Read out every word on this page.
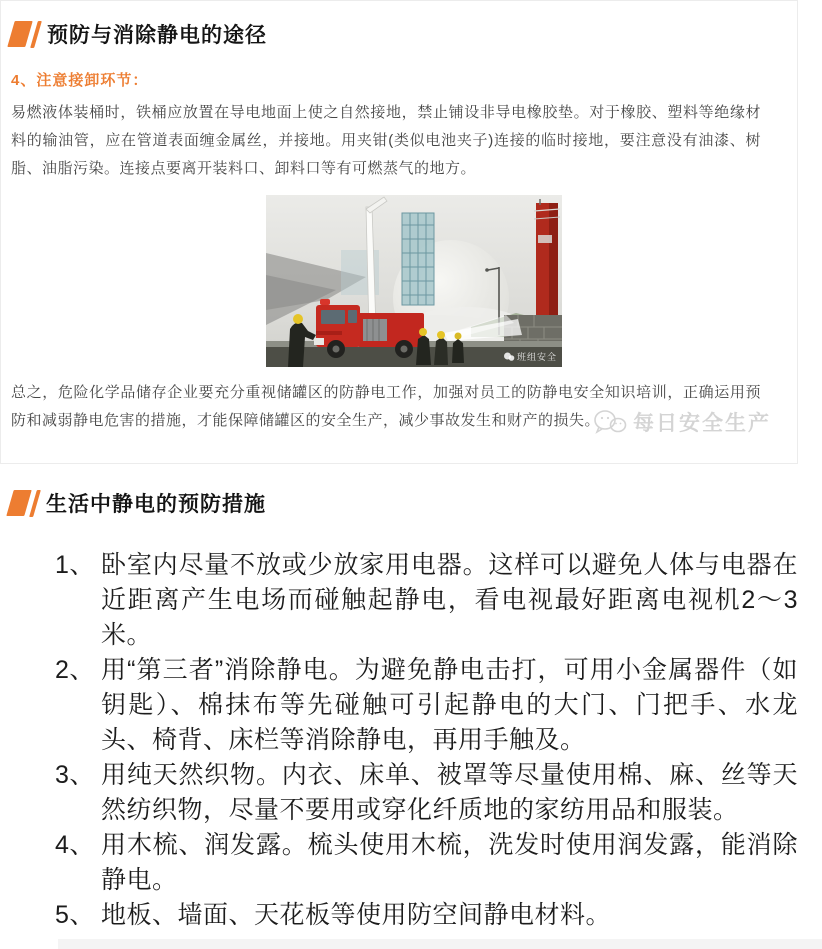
预防与消除静电的途径
4、注意接卸环节：
易燃液体装桶时，铁桶应放置在导电地面上使之自然接地，禁止铺设非导电橡胶垫。对于橡胶、塑料等绝缘材料的输油管，应在管道表面缠金属丝，并接地。用夹钳(类似电池夹子)连接的临时接地，要注意没有油漆、树脂、油脂污染。连接点要离开装料口、卸料口等有可燃蒸气的地方。
班组安全
总之，危险化学品储存企业要充分重视储罐区的防静电工作，加强对员工的防静电安全知识培训，正确运用预防和减弱静电危害的措施，才能保障储罐区的安全生产，减少事故发生和财产的损失。	每日安全生产
生活中静电的预防措施
1、 卧室内尽量不放或少放家用电器。这样可以避免人体与电器在近距离产生电场而碰触起静电，看电视最好距离电视机2～3米。
2、 用“第三者”消除静电。为避免静电击打，可用小金属器件（如钥匙）、棉抹布等先碰触可引起静电的大门、门把手、水龙头、椅背、床栏等消除静电，再用手触及。
3、 用纯天然织物。内衣、床单、被罩等尽量使用棉、麻、丝等天然纺织物，尽量不要用或穿化纤质地的家纺用品和服装。
4、 用木梳、润发露。梳头使用木梳，洗发时使用润发露，能消除静电。
5、 地板、墙面、天花板等使用防空间静电材料。
